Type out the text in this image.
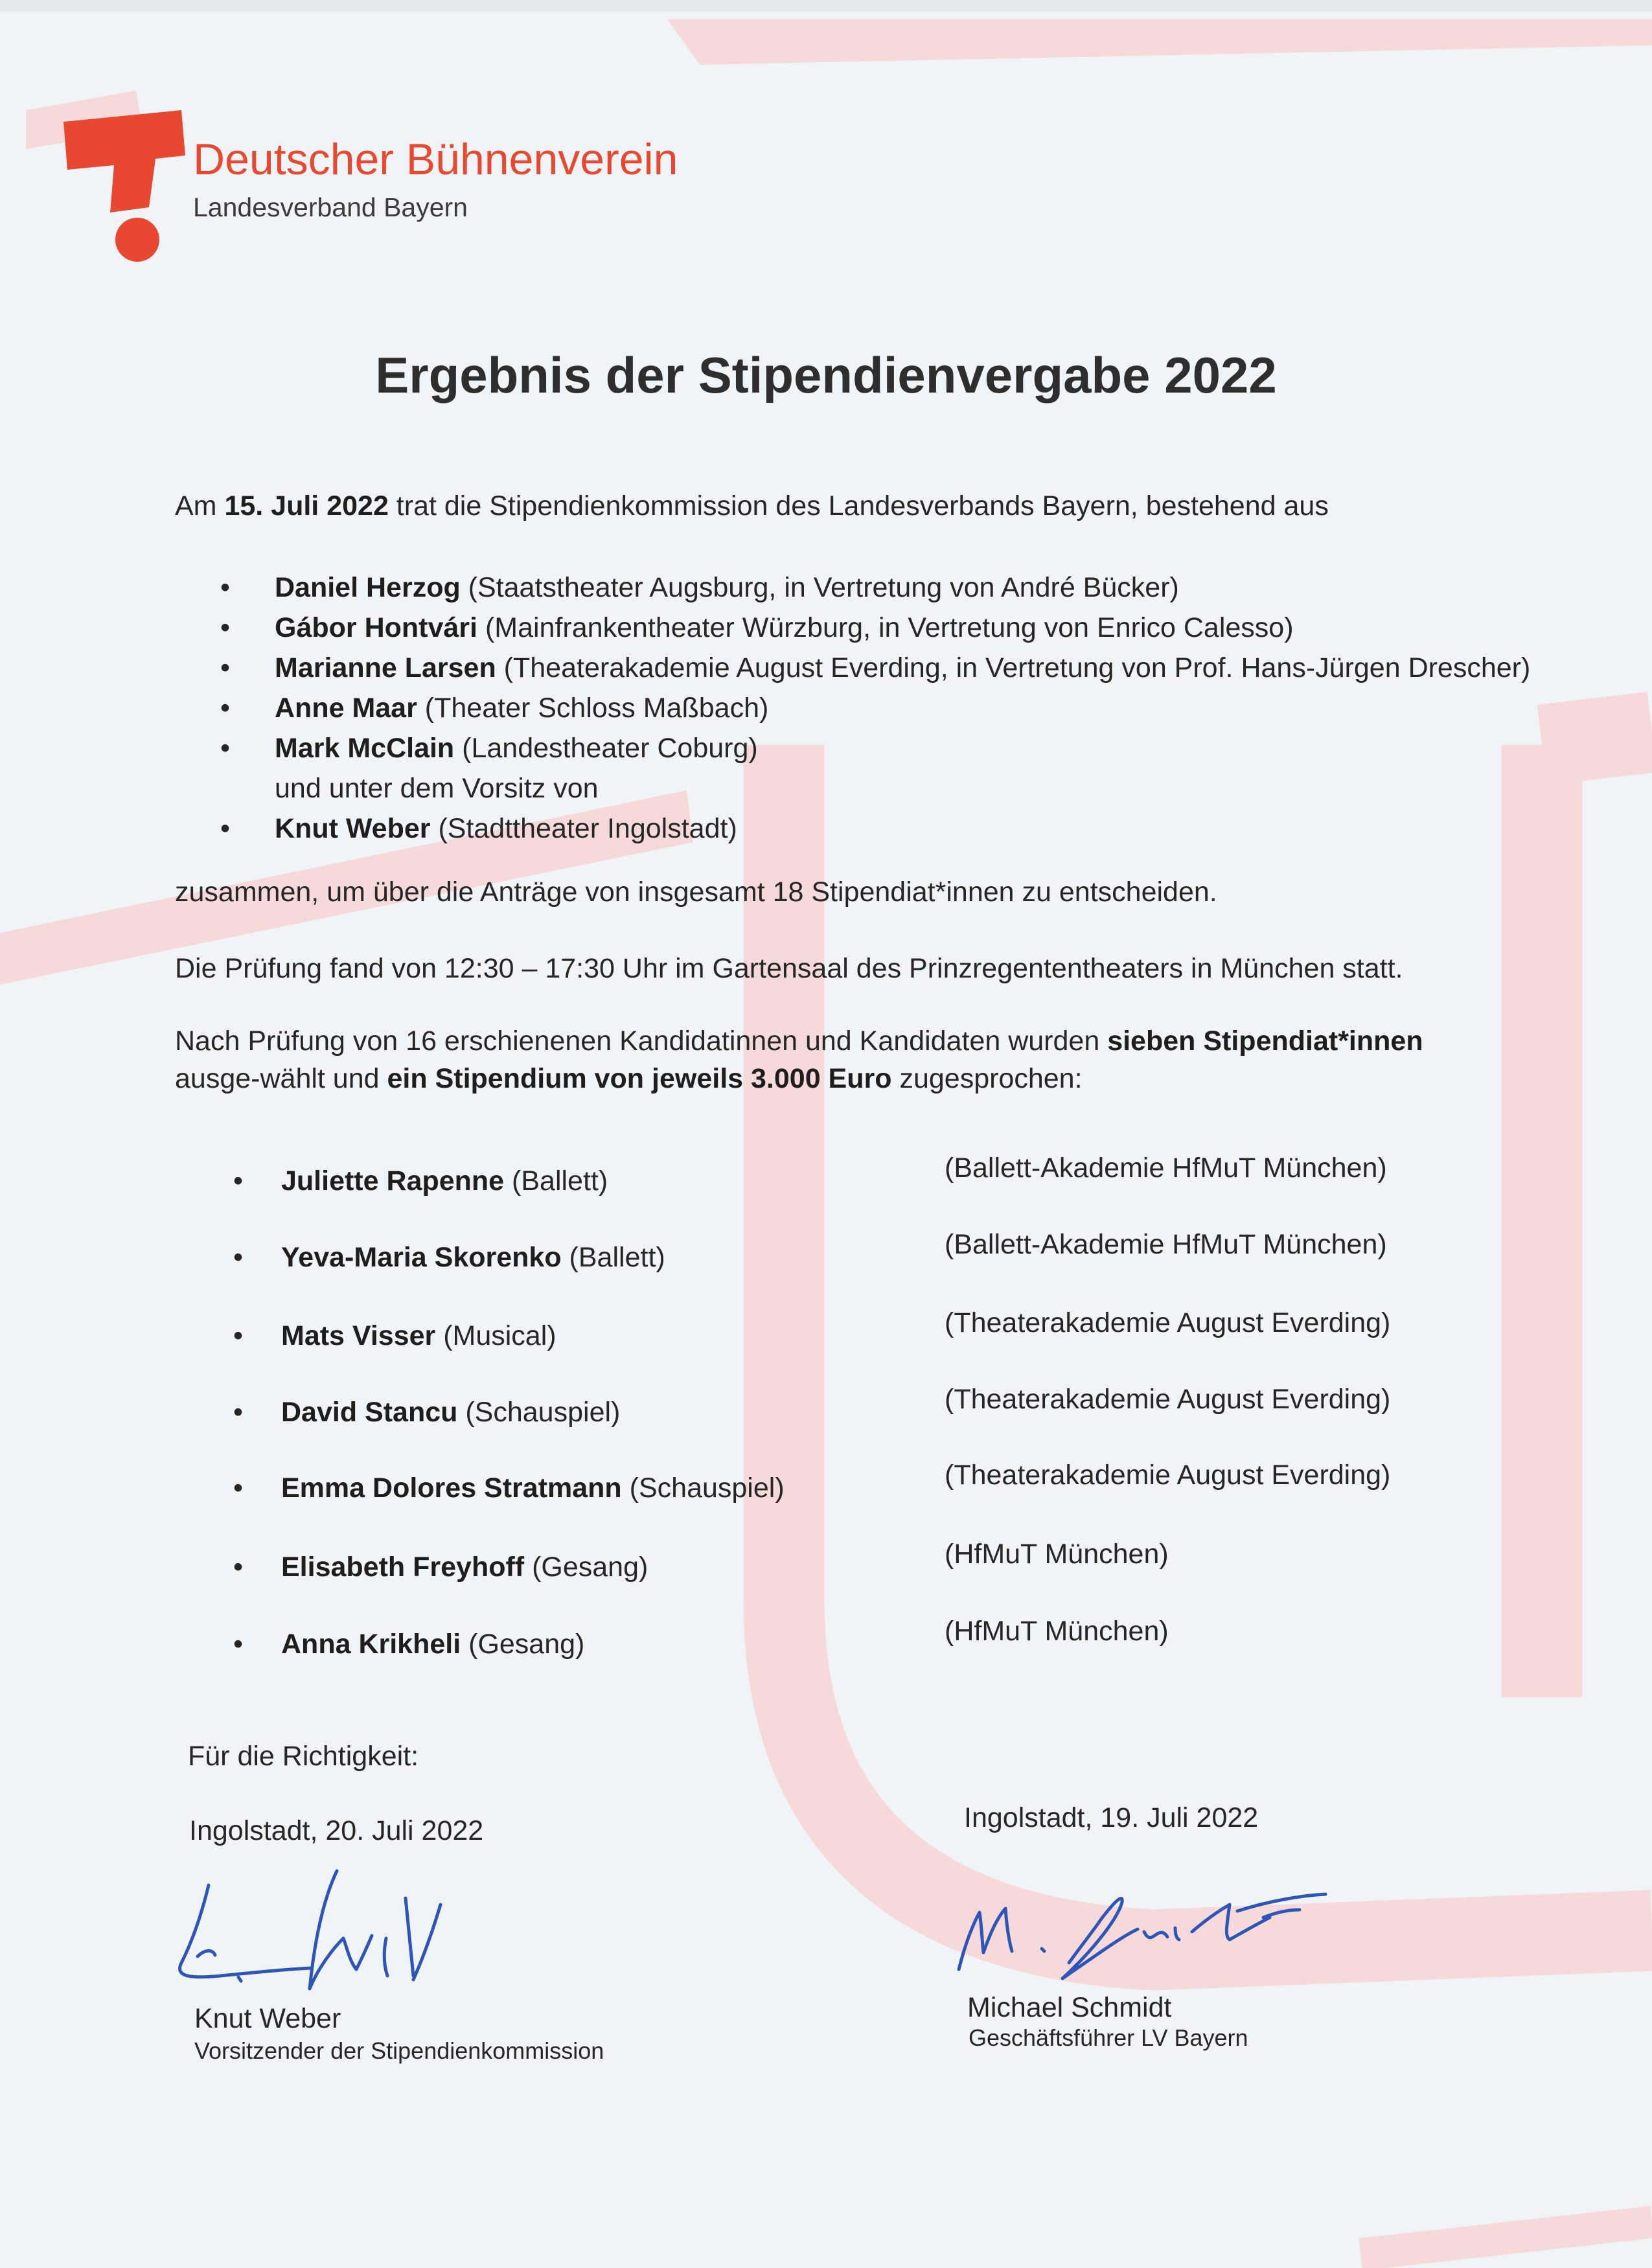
Deutscher Bühnenverein
Landesverband Bayern
Ergebnis der Stipendienvergabe 2022

Am 15. Juli 2022 trat die Stipendienkommission des Landesverbands Bayern, bestehend aus

• Daniel Herzog (Staatstheater Augsburg, in Vertretung von André Bücker)
• Gábor Hontvári (Mainfrankentheater Würzburg, in Vertretung von Enrico Calesso)
• Marianne Larsen (Theaterakademie August Everding, in Vertretung von Prof. Hans-Jürgen Drescher)
• Anne Maar (Theater Schloss Maßbach)
• Mark McClain (Landestheater Coburg)
und unter dem Vorsitz von
• Knut Weber (Stadttheater Ingolstadt)

zusammen, um über die Anträge von insgesamt 18 Stipendiat*innen zu entscheiden.

Die Prüfung fand von 12:30 – 17:30 Uhr im Gartensaal des Prinzregententheaters in München statt.

Nach Prüfung von 16 erschienenen Kandidatinnen und Kandidaten wurden sieben Stipendiat*innen ausge-wählt und ein Stipendium von jeweils 3.000 Euro zugesprochen:

• Juliette Rapenne (Ballett)	(Ballett-Akademie HfMuT München)
• Yeva-Maria Skorenko (Ballett)	(Ballett-Akademie HfMuT München)
• Mats Visser (Musical)	(Theaterakademie August Everding)
• David Stancu (Schauspiel)	(Theaterakademie August Everding)
• Emma Dolores Stratmann (Schauspiel)	(Theaterakademie August Everding)
• Elisabeth Freyhoff (Gesang)	(HfMuT München)
• Anna Krikheli (Gesang)	(HfMuT München)
Für die Richtigkeit:
Ingolstadt, 20. Juli 2022	Ingolstadt, 19. Juli 2022
Knut Weber
Vorsitzender der Stipendienkommission
Michael Schmidt
Geschäftsführer LV Bayern
